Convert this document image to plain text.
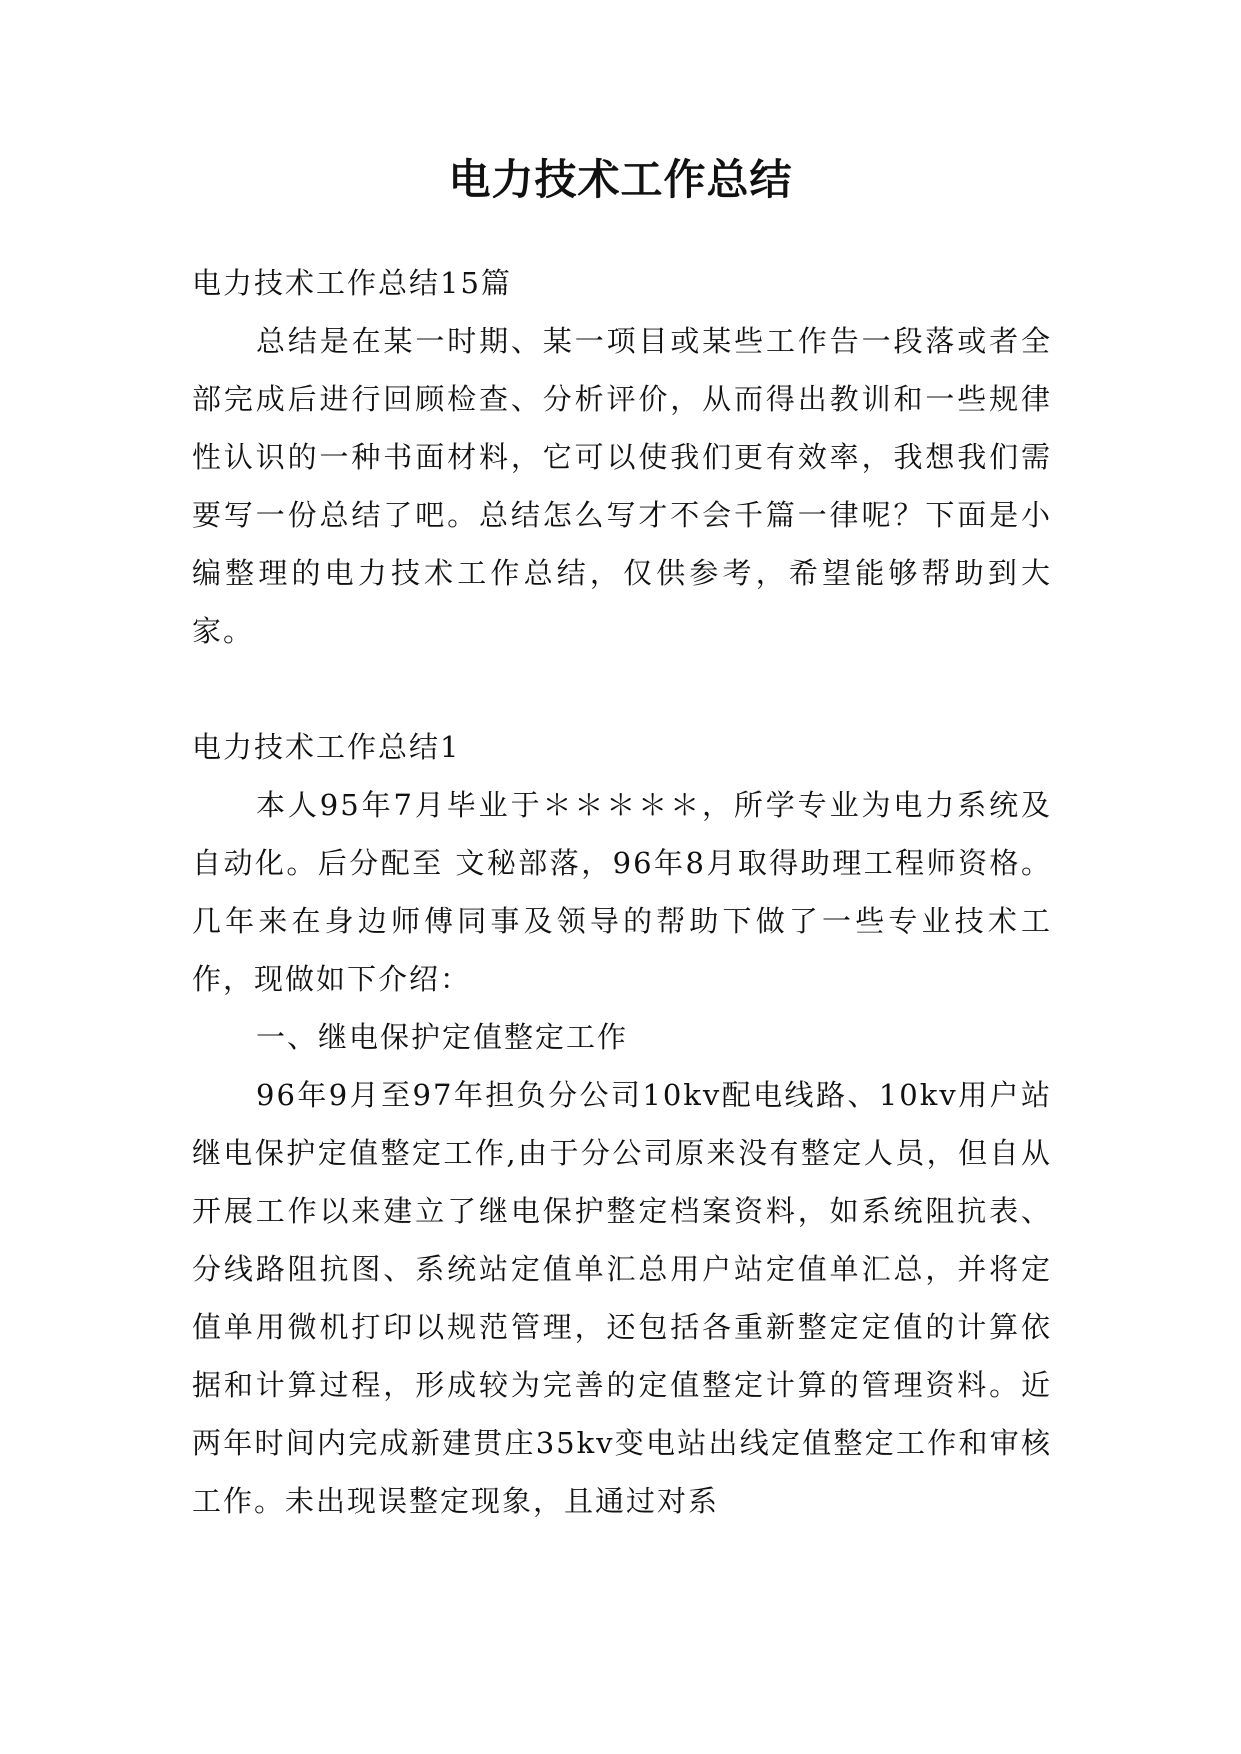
电力技术工作总结

电力技术工作总结15篇

总结是在某一时期、某一项目或某些工作告一段落或者全部完成后进行回顾检查、分析评价，从而得出教训和一些规律性认识的一种书面材料，它可以使我们更有效率，我想我们需要写一份总结了吧。总结怎么写才不会千篇一律呢？下面是小编整理的电力技术工作总结，仅供参考，希望能够帮助到大家。

电力技术工作总结1

本人95年7月毕业于＊＊＊＊＊，所学专业为电力系统及自动化。后分配至 文秘部落，96年8月取得助理工程师资格。几年来在身边师傅同事及领导的帮助下做了一些专业技术工作，现做如下介绍：

一、继电保护定值整定工作

96年9月至97年担负分公司10kv配电线路、10kv用户站继电保护定值整定工作,由于分公司原来没有整定人员，但自从开展工作以来建立了继电保护整定档案资料，如系统阻抗表、分线路阻抗图、系统站定值单汇总用户站定值单汇总，并将定值单用微机打印以规范管理，还包括各重新整定定值的计算依据和计算过程，形成较为完善的定值整定计算的管理资料。近两年时间内完成新建贯庄35kv变电站出线定值整定工作和审核工作。未出现误整定现象，且通过对系
